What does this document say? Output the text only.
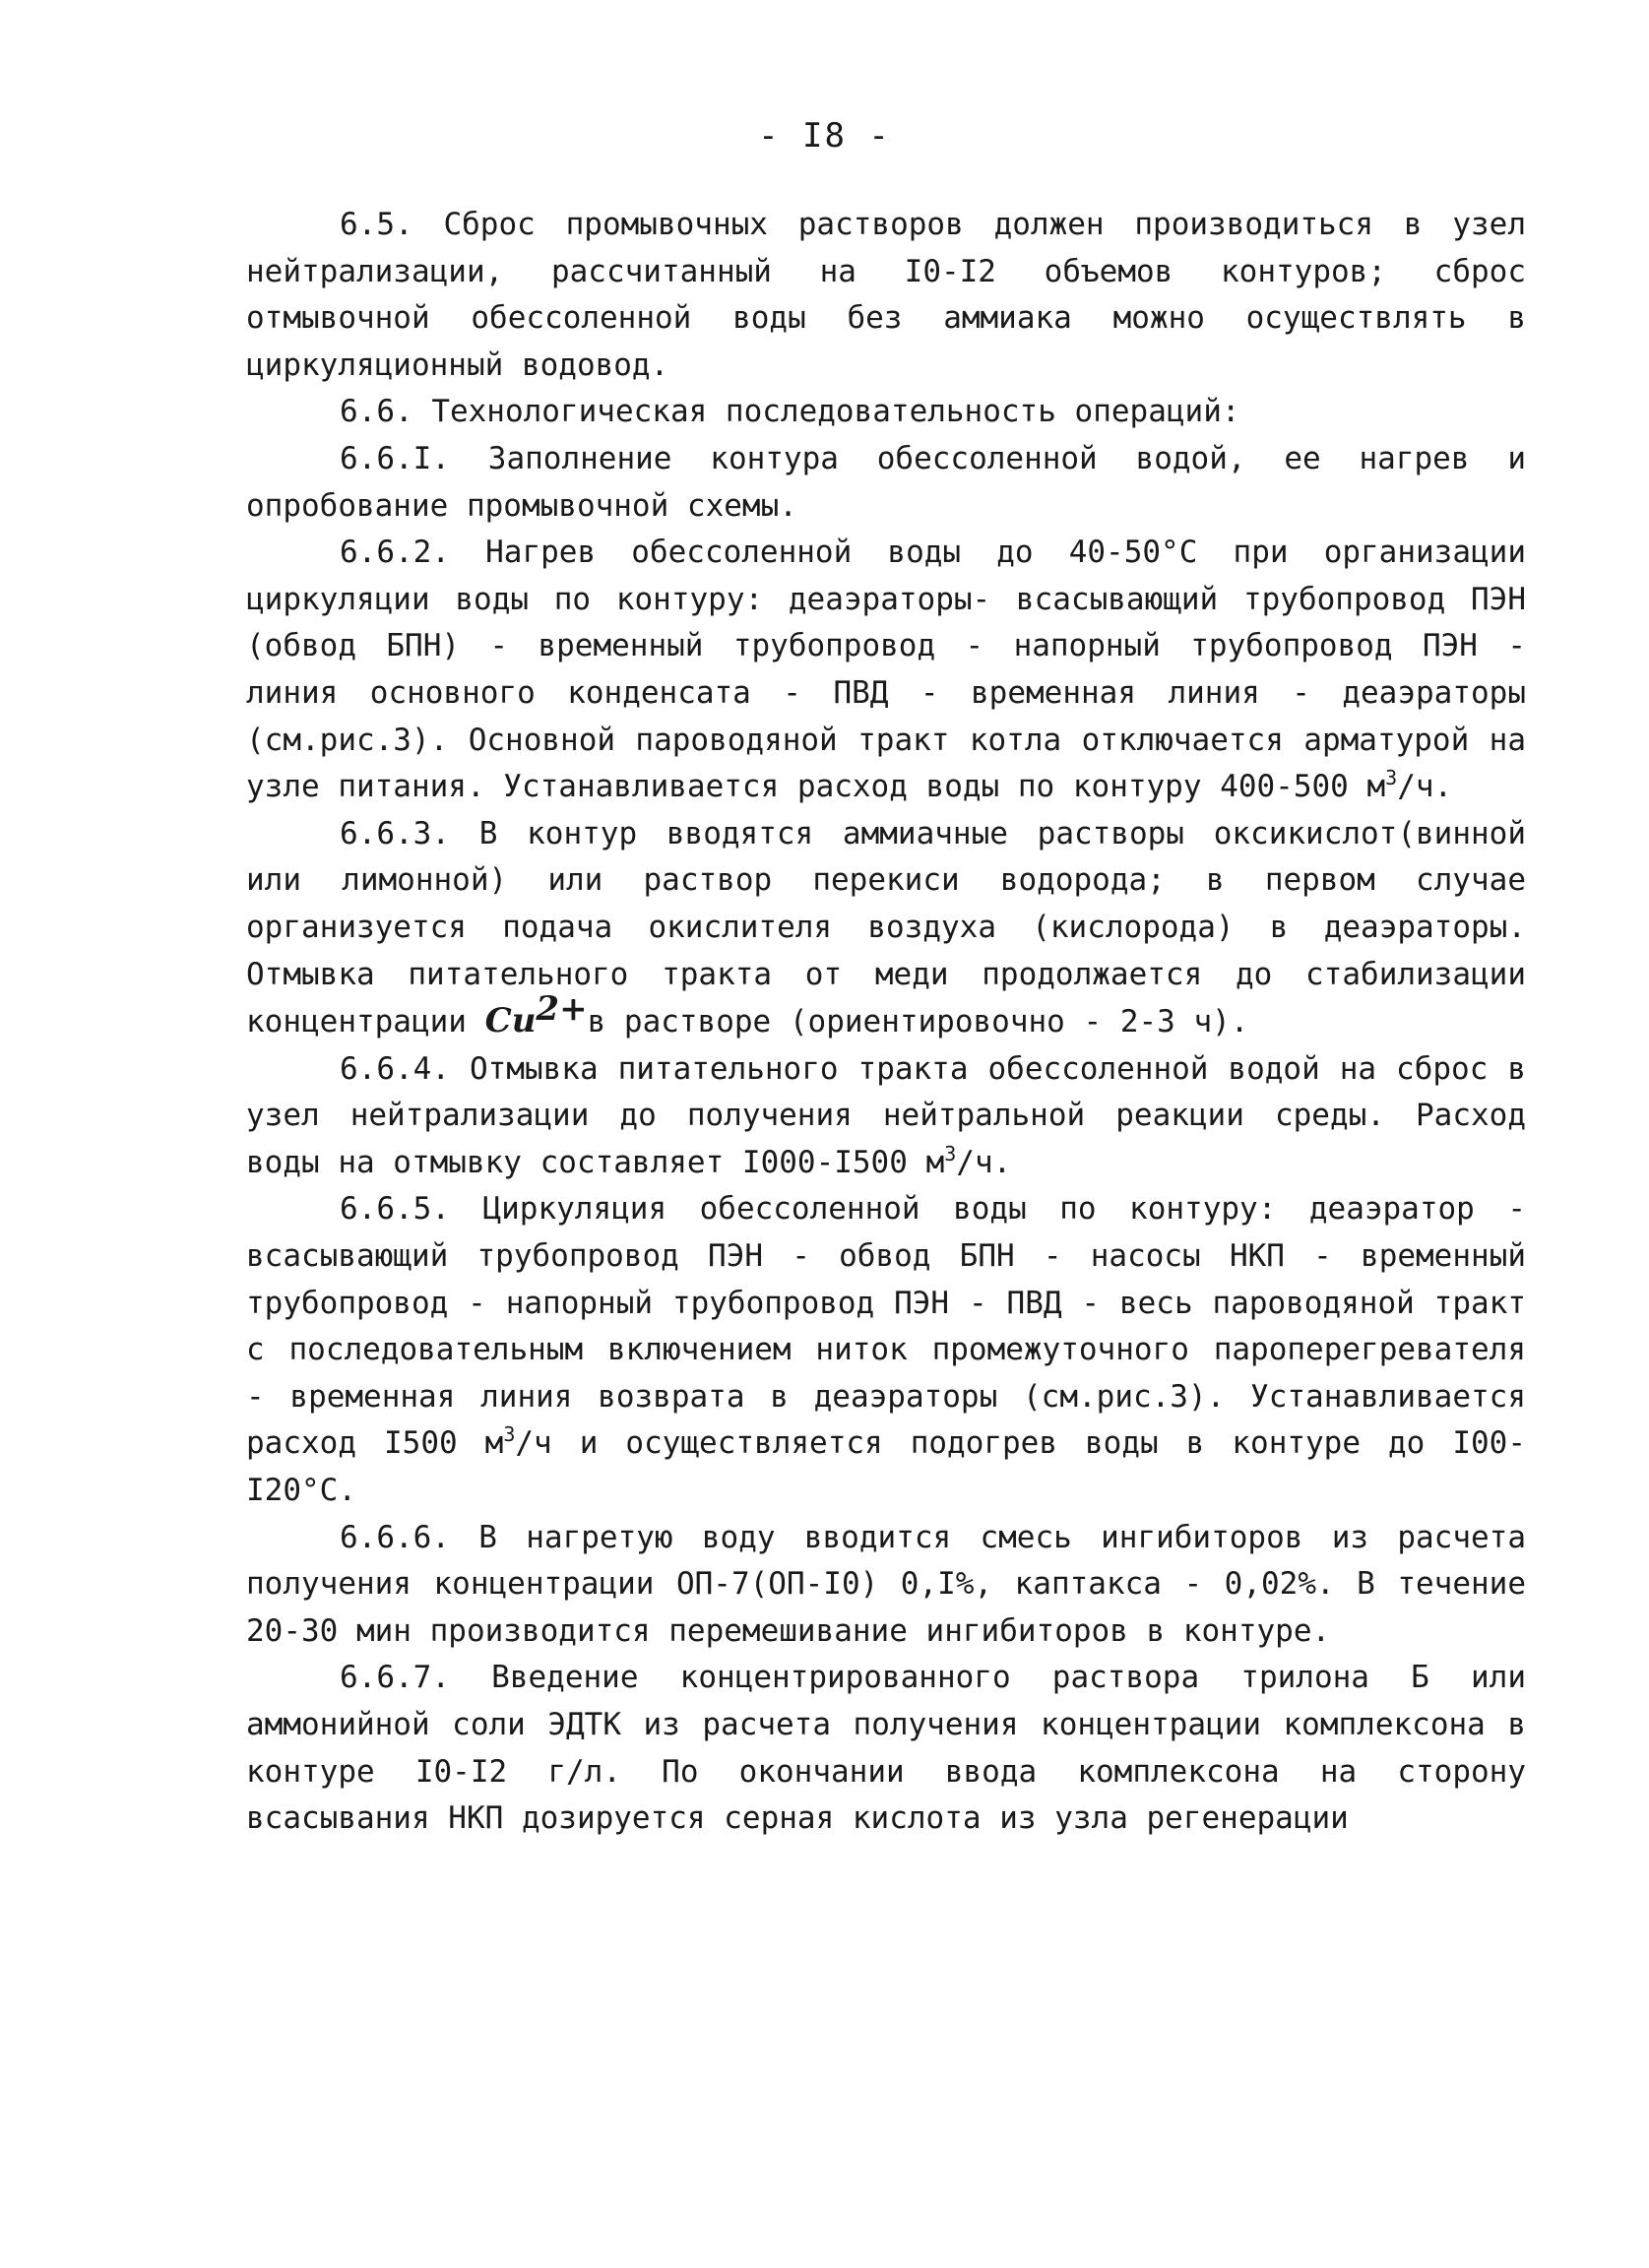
- I8 -

6.5. Сброс промывочных растворов должен производиться в узел нейтрализации, рассчитанный на I0-I2 объемов контуров; сброс отмывочной обессоленной воды без аммиака можно осуществлять в циркуляционный водовод.

6.6. Технологическая последовательность операций:

6.6.I. Заполнение контура обессоленной водой, ее нагрев и опробование промывочной схемы.

6.6.2. Нагрев обессоленной воды до 40-50°С при организации циркуляции воды по контуру: деаэраторы- всасывающий трубопровод ПЭН (обвод БПН) - временный трубопровод - напорный трубопровод ПЭН - линия основного конденсата - ПВД - временная линия - деаэраторы (см.рис.3). Основной пароводяной тракт котла отключается арматурой на узле питания. Устанавливается расход воды по контуру 400-500 $м^3/ч$.

6.6.3. В контур вводятся аммиачные растворы оксикислот(винной или лимонной) или раствор перекиси водорода; в первом случае организуется подача окислителя воздуха (кислорода) в деаэраторы. Отмывка питательного тракта от меди продолжается до стабилизации концентрации $Cu^{2+}в$ растворе (ориентировочно - 2-3 ч).

6.6.4. Отмывка питательного тракта обессоленной водой на сброс в узел нейтрализации до получения нейтральной реакции среды. Расход воды на отмывку составляет I000-I500 $м^3/ч$.

6.6.5. Циркуляция обессоленной воды по контуру: деаэратор - всасывающий трубопровод ПЭН - обвод БПН - насосы НКП - временный трубопровод - напорный трубопровод ПЭН - ПВД - весь пароводяной тракт с последовательным включением ниток промежуточного пароперегревателя - временная линия возврата в деаэраторы (см.рис.3). Устанавливается расход I500 $м^3/ч$ и осуществляется подогрев воды в контуре до I00-I20°С.

6.6.6. В нагретую воду вводится смесь ингибиторов из расчета получения концентрации ОП-7(ОП-I0) 0,I%, каптакса - 0,02%. В течение 20-30 мин производится перемешивание ингибиторов в контуре.

6.6.7. Введение концентрированного раствора трилона Б или аммонийной соли ЭДТК из расчета получения концентрации комплексона в контуре I0-I2 г/л. По окончании ввода комплексона на сторону всасывания НКП дозируется серная кислота из узла регенерации
